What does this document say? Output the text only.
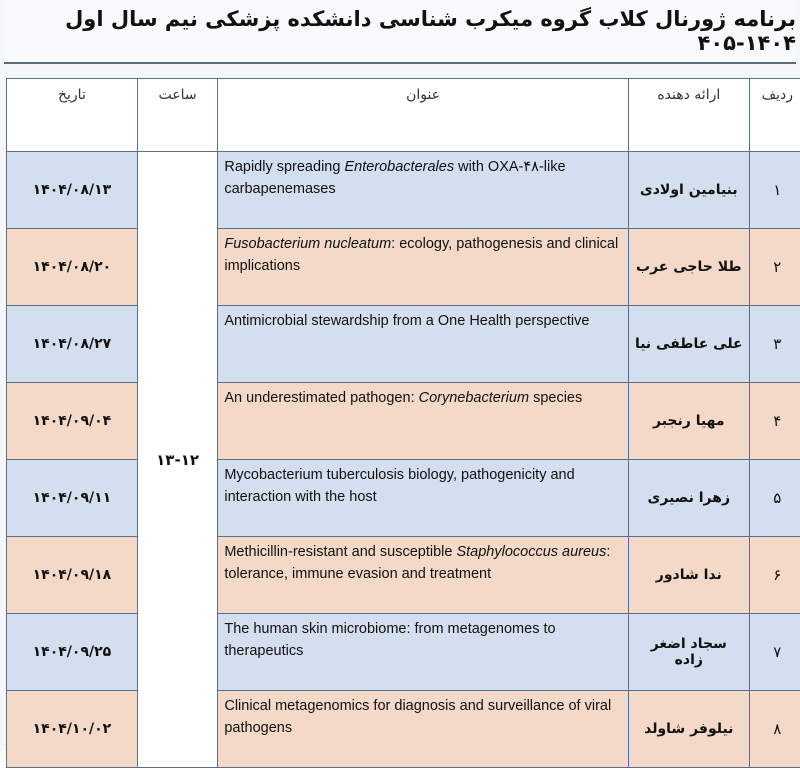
برنامه ژورنال کلاب گروه میکرب شناسی دانشکده پزشکی نیم سال اول ۱۴۰۴-۴۰۵
ردیف	ارائه دهنده	عنوان	ساعت	تاریخ
۱	بنیامین اولادی	Rapidly spreading Enterobacterales with OXA-۴۸-like carbapenemases	۱۳-۱۲	۱۴۰۴/۰۸/۱۳
۲	طلا حاجی عرب	Fusobacterium nucleatum: ecology, pathogenesis and clinical implications		۱۴۰۴/۰۸/۲۰
۳	علی عاطفی نیا	Antimicrobial stewardship from a One Health perspective		۱۴۰۴/۰۸/۲۷
۴	مهیا رنجبر	An underestimated pathogen: Corynebacterium species		۱۴۰۴/۰۹/۰۴
۵	زهرا نصیری	Mycobacterium tuberculosis biology, pathogenicity and interaction with the host		۱۴۰۴/۰۹/۱۱
۶	ندا شادور	Methicillin-resistant and susceptible Staphylococcus aureus: tolerance, immune evasion and treatment		۱۴۰۴/۰۹/۱۸
۷	سجاد اضغر زاده	The human skin microbiome: from metagenomes to therapeutics		۱۴۰۴/۰۹/۲۵
۸	نیلوفر شاولد	Clinical metagenomics for diagnosis and surveillance of viral pathogens		۱۴۰۴/۱۰/۰۲
